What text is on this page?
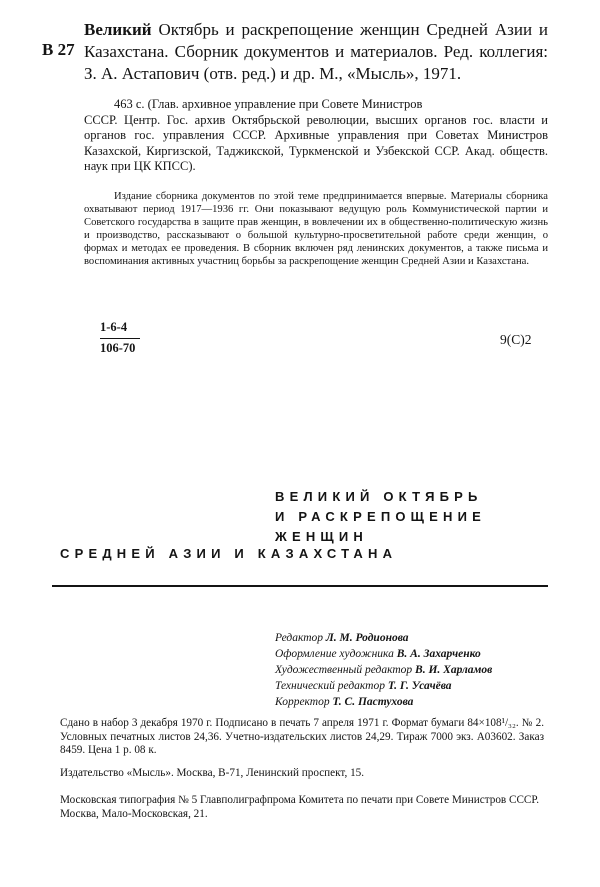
В 27
Великий Октябрь и раскрепощение женщин Средней Азии и Казахстана. Сборник документов и материалов. Ред. коллегия: З. А. Астапович (отв. ред.) и др. М., «Мысль», 1971.
463 с. (Глав. архивное управление при Совете Министров
СССР. Центр. Гос. архив Октябрьской революции, высших органов гос. власти и органов гос. управления СССР. Архивные управления при Советах Министров Казахской, Киргизской, Таджикской, Туркменской и Узбекской ССР. Акад. обществ. наук при ЦК КПСС).
Издание сборника документов по этой теме предпринимается впервые. Материалы сборника охватывают период 1917—1936 гг. Они показывают ведущую роль Коммунистической партии и Советского государства в защите прав женщин, в вовлечении их в общественно-политическую жизнь и производство, рассказывают о большой культурно-просветительной работе среди женщин, о формах и методах ее проведения. В сборник включен ряд ленинских документов, а также письма и воспоминания активных участниц борьбы за раскрепощение женщин Средней Азии и Казахстана.
1-6-4
106-70
9(С)2
ВЕЛИКИЙ ОКТЯБРЬ
И РАСКРЕПОЩЕНИЕ
ЖЕНЩИН
СРЕДНЕЙ АЗИИ И КАЗАХСТАНА
Редактор Л. М. Родионова
Оформление художника В. А. Захарченко
Художественный редактор В. И. Харламов
Технический редактор Т. Г. Усачёва
Корректор Т. С. Пастухова
Сдано в набор 3 декабря 1970 г. Подписано в печать 7 апреля 1971 г. Формат бумаги 84×108¹/₃₂. № 2. Условных печатных листов 24,36. Учетно-издательских листов 24,29. Тираж 7000 экз. А03602. Заказ 8459. Цена 1 р. 08 к.
Издательство «Мысль». Москва, В-71, Ленинский проспект, 15.
Московская типография № 5 Главполиграфпрома Комитета по печати при Совете Министров СССР. Москва, Мало-Московская, 21.
